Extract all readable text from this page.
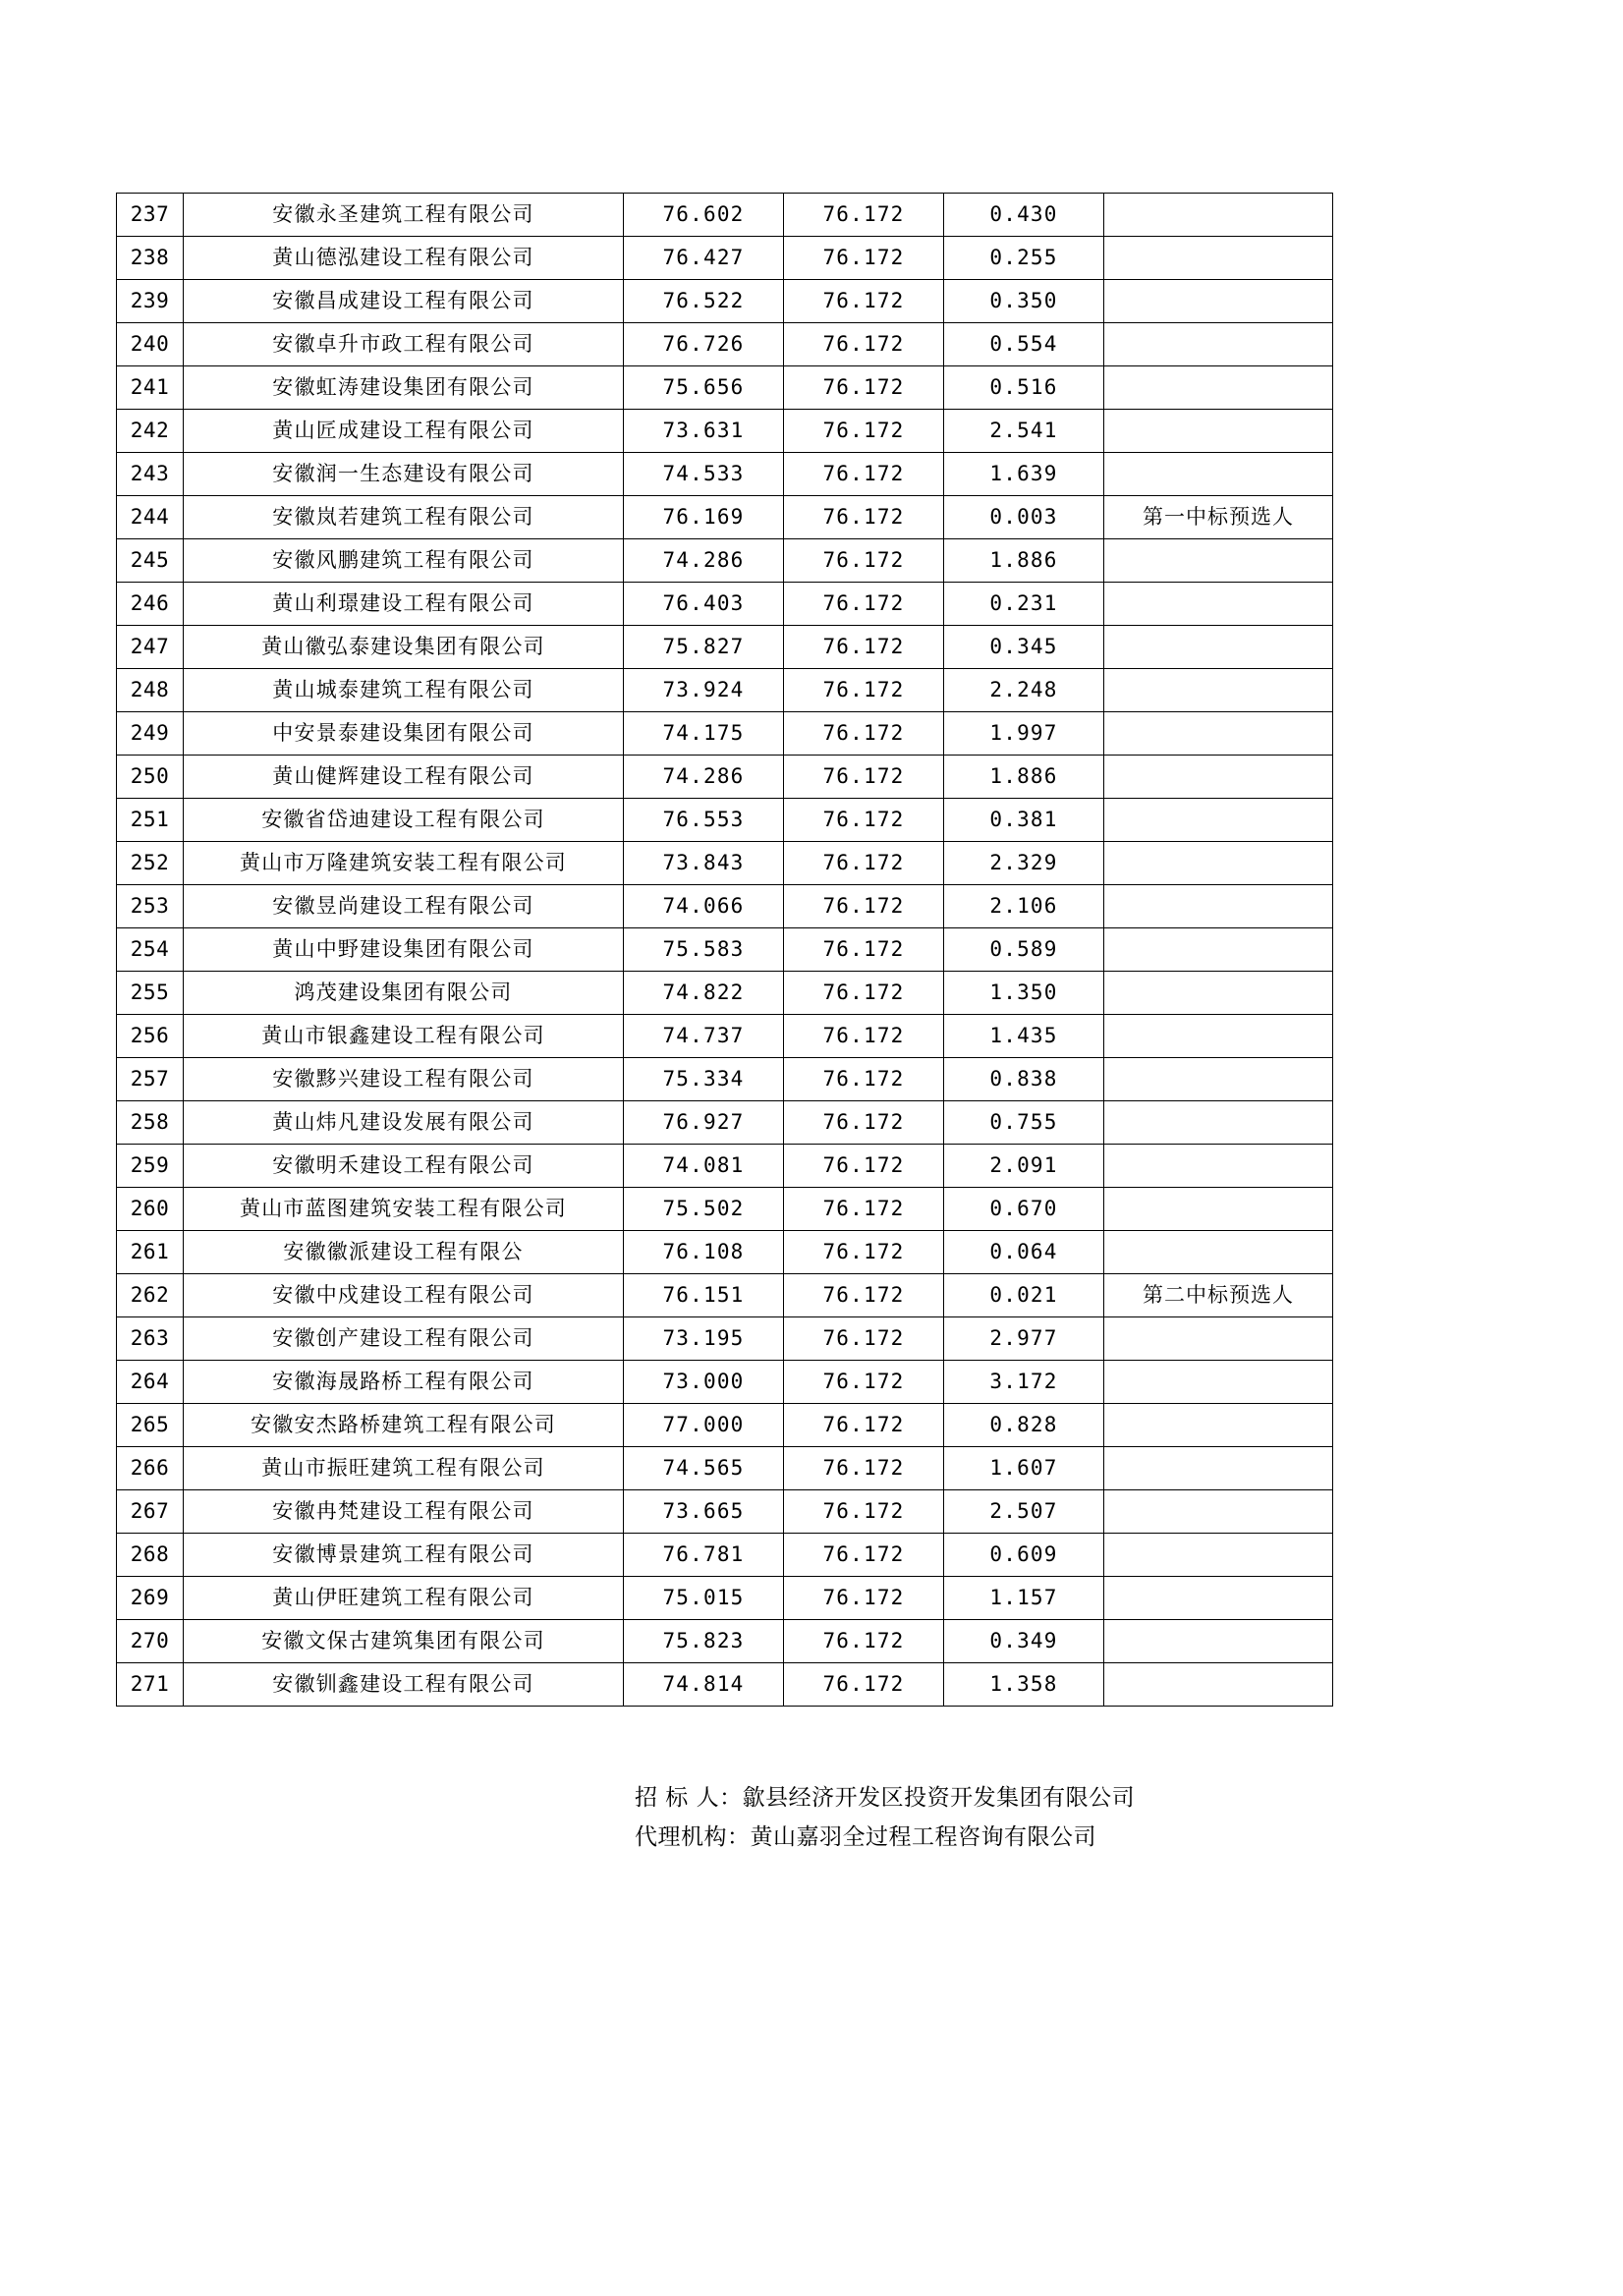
237	安徽永圣建筑工程有限公司	76.602	76.172	0.430	
238	黄山德泓建设工程有限公司	76.427	76.172	0.255	
239	安徽昌成建设工程有限公司	76.522	76.172	0.350	
240	安徽卓升市政工程有限公司	76.726	76.172	0.554	
241	安徽虹涛建设集团有限公司	75.656	76.172	0.516	
242	黄山匠成建设工程有限公司	73.631	76.172	2.541	
243	安徽润一生态建设有限公司	74.533	76.172	1.639	
244	安徽岚若建筑工程有限公司	76.169	76.172	0.003	第一中标预选人
245	安徽风鹏建筑工程有限公司	74.286	76.172	1.886	
246	黄山利璟建设工程有限公司	76.403	76.172	0.231	
247	黄山徽弘泰建设集团有限公司	75.827	76.172	0.345	
248	黄山城泰建筑工程有限公司	73.924	76.172	2.248	
249	中安景泰建设集团有限公司	74.175	76.172	1.997	
250	黄山健辉建设工程有限公司	74.286	76.172	1.886	
251	安徽省岱迪建设工程有限公司	76.553	76.172	0.381	
252	黄山市万隆建筑安装工程有限公司	73.843	76.172	2.329	
253	安徽昱尚建设工程有限公司	74.066	76.172	2.106	
254	黄山中野建设集团有限公司	75.583	76.172	0.589	
255	鸿茂建设集团有限公司	74.822	76.172	1.350	
256	黄山市银鑫建设工程有限公司	74.737	76.172	1.435	
257	安徽黟兴建设工程有限公司	75.334	76.172	0.838	
258	黄山炜凡建设发展有限公司	76.927	76.172	0.755	
259	安徽明禾建设工程有限公司	74.081	76.172	2.091	
260	黄山市蓝图建筑安装工程有限公司	75.502	76.172	0.670	
261	安徽徽派建设工程有限公	76.108	76.172	0.064	
262	安徽中戍建设工程有限公司	76.151	76.172	0.021	第二中标预选人
263	安徽创产建设工程有限公司	73.195	76.172	2.977	
264	安徽海晟路桥工程有限公司	73.000	76.172	3.172	
265	安徽安杰路桥建筑工程有限公司	77.000	76.172	0.828	
266	黄山市振旺建筑工程有限公司	74.565	76.172	1.607	
267	安徽冉梵建设工程有限公司	73.665	76.172	2.507	
268	安徽博景建筑工程有限公司	76.781	76.172	0.609	
269	黄山伊旺建筑工程有限公司	75.015	76.172	1.157	
270	安徽文保古建筑集团有限公司	75.823	76.172	0.349	
271	安徽钏鑫建设工程有限公司	74.814	76.172	1.358	
招 标 人：歙县经济开发区投资开发集团有限公司
代理机构：黄山嘉羽全过程工程咨询有限公司
